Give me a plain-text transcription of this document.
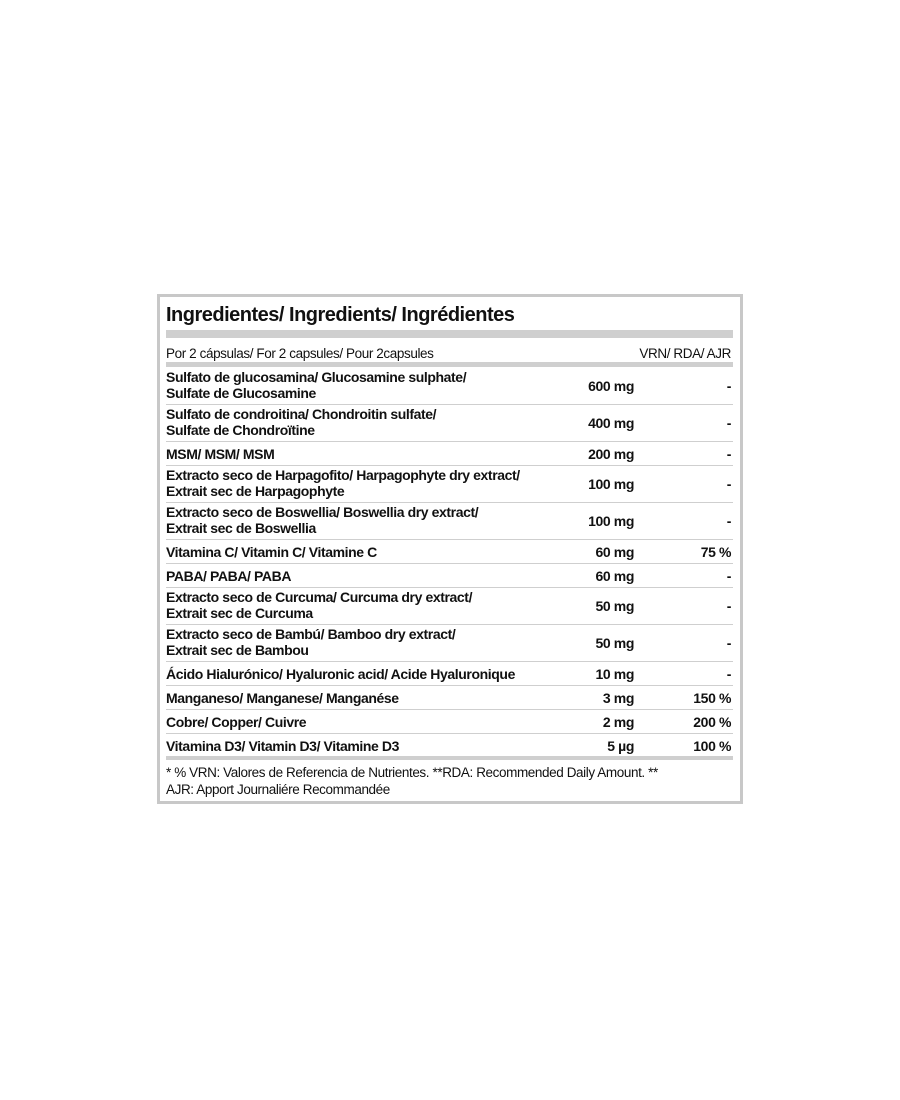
Ingredientes/ Ingredients/ Ingrédientes
Por 2 cápsulas/ For 2 capsules/ Pour 2capsules	VRN/ RDA/ AJR
Sulfato de glucosamina/ Glucosamine sulphate/
Sulfate de Glucosamine	600 mg	-
Sulfato de condroitina/ Chondroitin sulfate/
Sulfate de Chondroïtine	400 mg	-
MSM/ MSM/ MSM	200 mg	-
Extracto seco de Harpagofito/ Harpagophyte dry extract/
Extrait sec de Harpagophyte	100 mg	-
Extracto seco de Boswellia/ Boswellia dry extract/
Extrait sec de Boswellia	100 mg	-
Vitamina C/ Vitamin C/ Vitamine C	60 mg	75 %
PABA/ PABA/ PABA	60 mg	-
Extracto seco de Curcuma/ Curcuma dry extract/
Extrait sec de Curcuma	50 mg	-
Extracto seco de Bambú/ Bamboo dry extract/
Extrait sec de Bambou	50 mg	-
Ácido Hialurónico/ Hyaluronic acid/ Acide Hyaluronique	10 mg	-
Manganeso/ Manganese/ Manganése	3 mg	150 %
Cobre/ Copper/ Cuivre	2 mg	200 %
Vitamina D3/ Vitamin D3/ Vitamine D3	5 µg	100 %
* % VRN: Valores de Referencia de Nutrientes. **RDA: Recommended Daily Amount. **
AJR: Apport Journaliére Recommandée
